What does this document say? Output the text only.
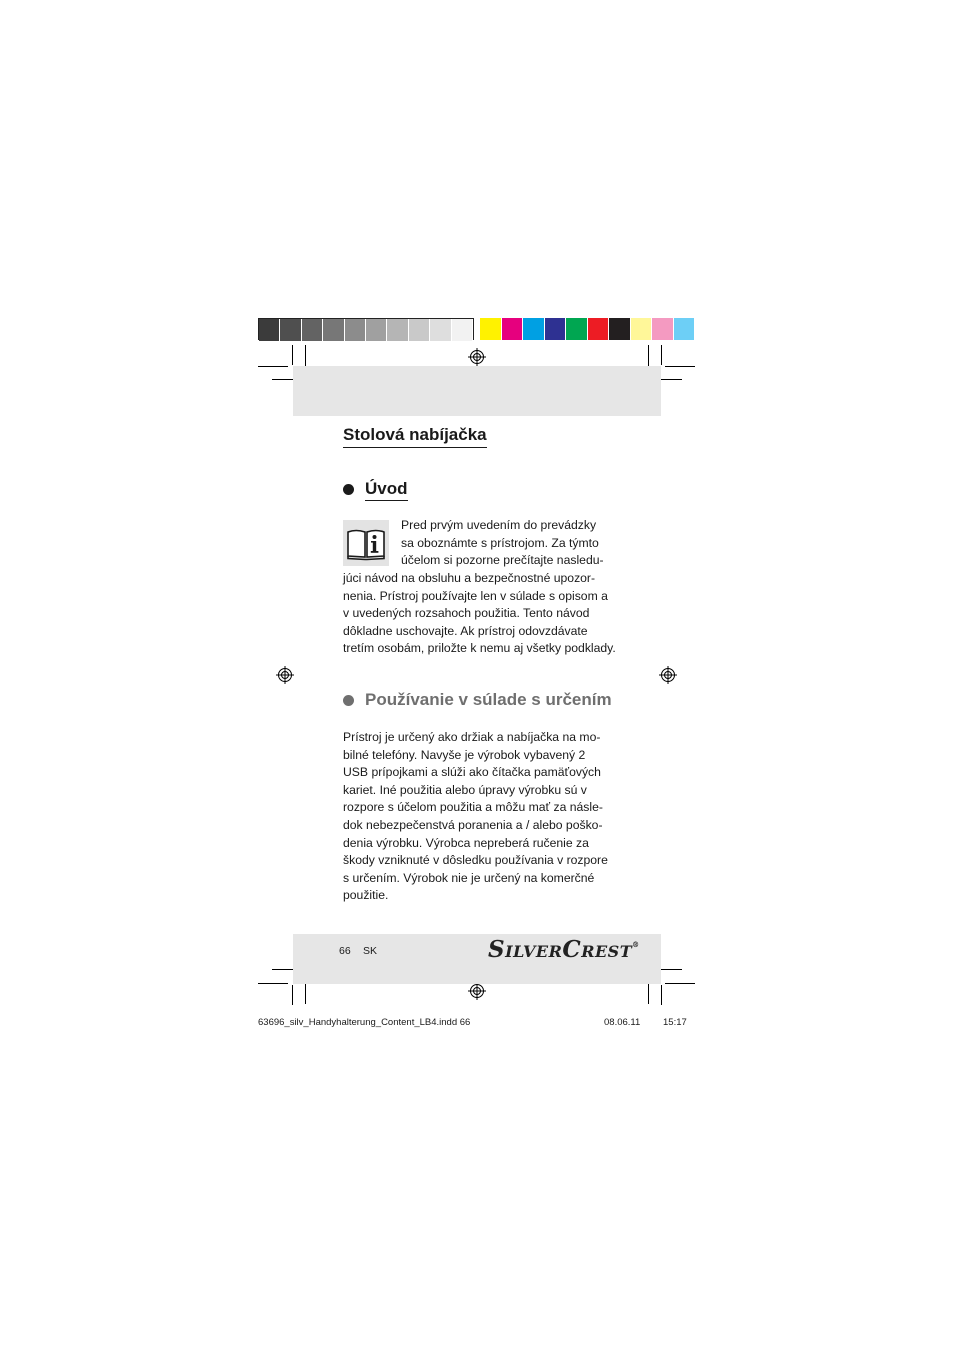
Stolová nabíjačka
Úvod
Pred prvým uvedením do prevádzky
sa oboznámte s prístrojom. Za týmto
účelom si pozorne prečítajte nasledu-
júci návod na obsluhu a bezpečnostné upozor-
nenia. Prístroj používajte len v súlade s opisom a
v uvedených rozsahoch použitia. Tento návod
dôkladne uschovajte. Ak prístroj odovzdávate
tretím osobám, priložte k nemu aj všetky podklady.
Používanie v súlade s určením
Prístroj je určený ako držiak a nabíjačka na mo-
bilné telefóny. Navyše je výrobok vybavený 2
USB prípojkami a slúži ako čítačka pamäťových
kariet. Iné použitia alebo úpravy výrobku sú v
rozpore s účelom použitia a môžu mať za násle-
dok nebezpečenstvá poranenia a / alebo poško-
denia výrobku. Výrobca nepreberá ručenie za
škody vzniknuté v dôsledku používania v rozpore
s určením. Výrobok nie je určený na komerčné
použitie.
66 SK	SILVERCREST®
63696_silv_Handyhalterung_Content_LB4.indd 66	08.06.11 15:17
